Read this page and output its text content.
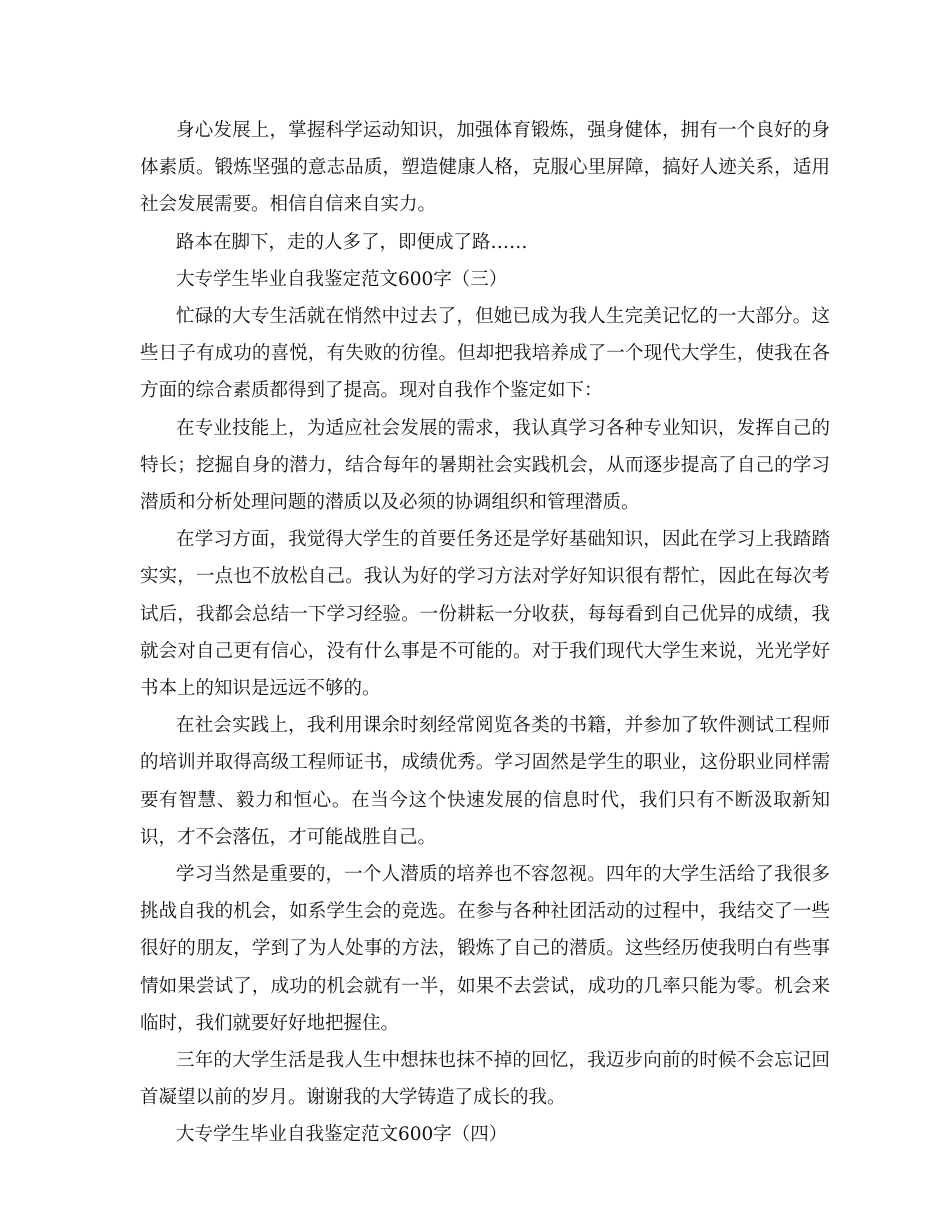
身心发展上，掌握科学运动知识，加强体育锻炼，强身健体，拥有一个良好的身体素质。锻炼坚强的意志品质，塑造健康人格，克服心里屏障，搞好人迹关系，适用社会发展需要。相信自信来自实力。

路本在脚下，走的人多了，即便成了路……

大专学生毕业自我鉴定范文600字（三）

忙碌的大专生活就在悄然中过去了，但她已成为我人生完美记忆的一大部分。这些日子有成功的喜悦，有失败的彷徨。但却把我培养成了一个现代大学生，使我在各方面的综合素质都得到了提高。现对自我作个鉴定如下：

在专业技能上，为适应社会发展的需求，我认真学习各种专业知识，发挥自己的特长；挖掘自身的潜力，结合每年的暑期社会实践机会，从而逐步提高了自己的学习潜质和分析处理问题的潜质以及必须的协调组织和管理潜质。

在学习方面，我觉得大学生的首要任务还是学好基础知识，因此在学习上我踏踏实实，一点也不放松自己。我认为好的学习方法对学好知识很有帮忙，因此在每次考试后，我都会总结一下学习经验。一份耕耘一分收获，每每看到自己优异的成绩，我就会对自己更有信心，没有什么事是不可能的。对于我们现代大学生来说，光光学好书本上的知识是远远不够的。

在社会实践上，我利用课余时刻经常阅览各类的书籍，并参加了软件测试工程师的培训并取得高级工程师证书，成绩优秀。学习固然是学生的职业，这份职业同样需要有智慧、毅力和恒心。在当今这个快速发展的信息时代，我们只有不断汲取新知识，才不会落伍，才可能战胜自己。

学习当然是重要的，一个人潜质的培养也不容忽视。四年的大学生活给了我很多挑战自我的机会，如系学生会的竞选。在参与各种社团活动的过程中，我结交了一些很好的朋友，学到了为人处事的方法，锻炼了自己的潜质。这些经历使我明白有些事情如果尝试了，成功的机会就有一半，如果不去尝试，成功的几率只能为零。机会来临时，我们就要好好地把握住。

三年的大学生活是我人生中想抹也抹不掉的回忆，我迈步向前的时候不会忘记回首凝望以前的岁月。谢谢我的大学铸造了成长的我。

大专学生毕业自我鉴定范文600字（四）
